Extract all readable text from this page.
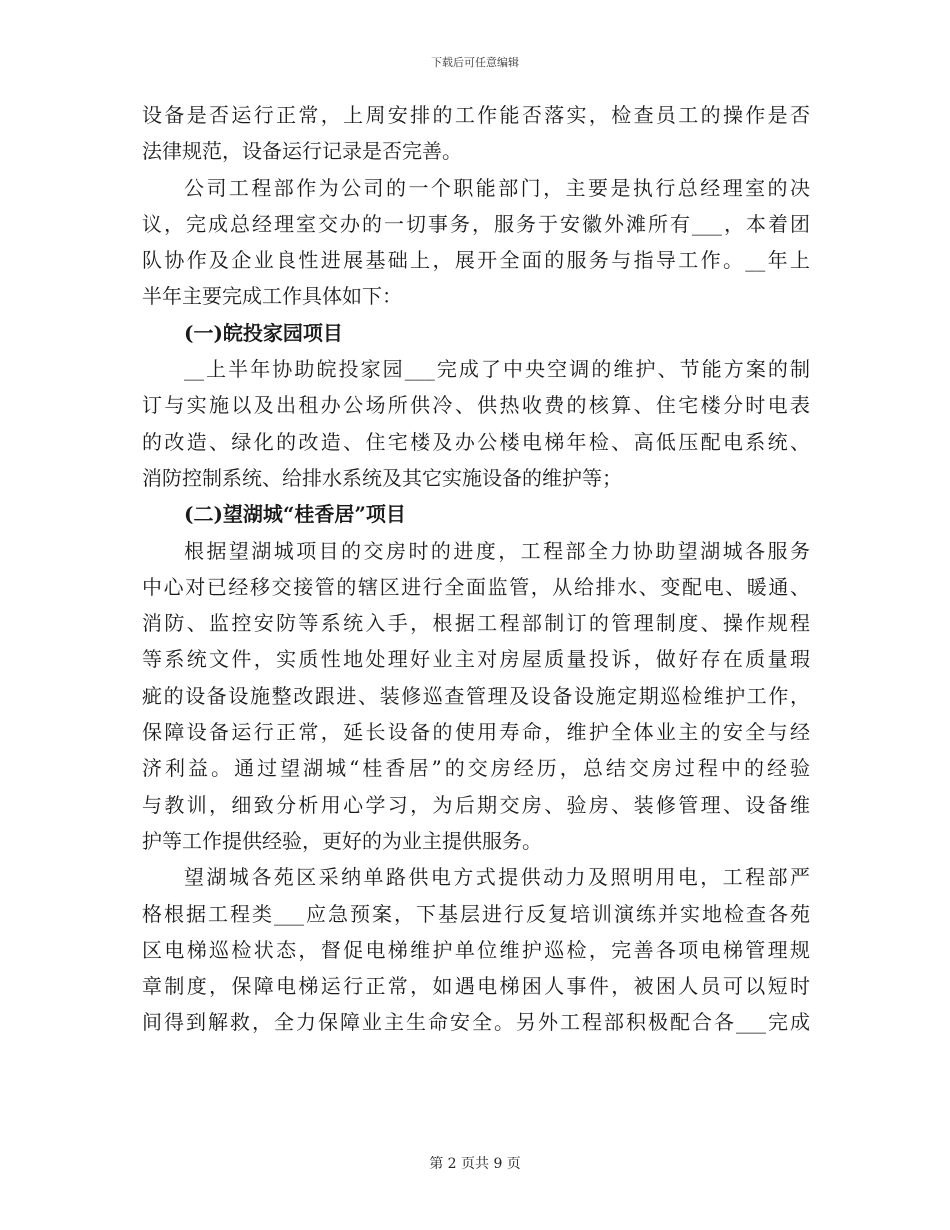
下载后可任意编辑
设备是否运行正常，上周安排的工作能否落实，检查员工的操作是否
法律规范，设备运行记录是否完善。
公司工程部作为公司的一个职能部门，主要是执行总经理室的决
议，完成总经理室交办的一切事务，服务于安徽外滩所有___，本着团
队协作及企业良性进展基础上，展开全面的服务与指导工作。__年上
半年主要完成工作具体如下：
(一)皖投家园项目
__上半年协助皖投家园___完成了中央空调的维护、节能方案的制
订与实施以及出租办公场所供冷、供热收费的核算、住宅楼分时电表
的改造、绿化的改造、住宅楼及办公楼电梯年检、高低压配电系统、
消防控制系统、给排水系统及其它实施设备的维护等；
(二)望湖城“桂香居”项目
根据望湖城项目的交房时的进度，工程部全力协助望湖城各服务
中心对已经移交接管的辖区进行全面监管，从给排水、变配电、暖通、
消防、监控安防等系统入手，根据工程部制订的管理制度、操作规程
等系统文件，实质性地处理好业主对房屋质量投诉，做好存在质量瑕
疵的设备设施整改跟进、装修巡查管理及设备设施定期巡检维护工作，
保障设备运行正常，延长设备的使用寿命，维护全体业主的安全与经
济利益。通过望湖城“桂香居”的交房经历，总结交房过程中的经验
与教训，细致分析用心学习，为后期交房、验房、装修管理、设备维
护等工作提供经验，更好的为业主提供服务。
望湖城各苑区采纳单路供电方式提供动力及照明用电，工程部严
格根据工程类___应急预案，下基层进行反复培训演练并实地检查各苑
区电梯巡检状态，督促电梯维护单位维护巡检，完善各项电梯管理规
章制度，保障电梯运行正常，如遇电梯困人事件，被困人员可以短时
间得到解救，全力保障业主生命安全。另外工程部积极配合各___完成
第 2 页共 9 页
